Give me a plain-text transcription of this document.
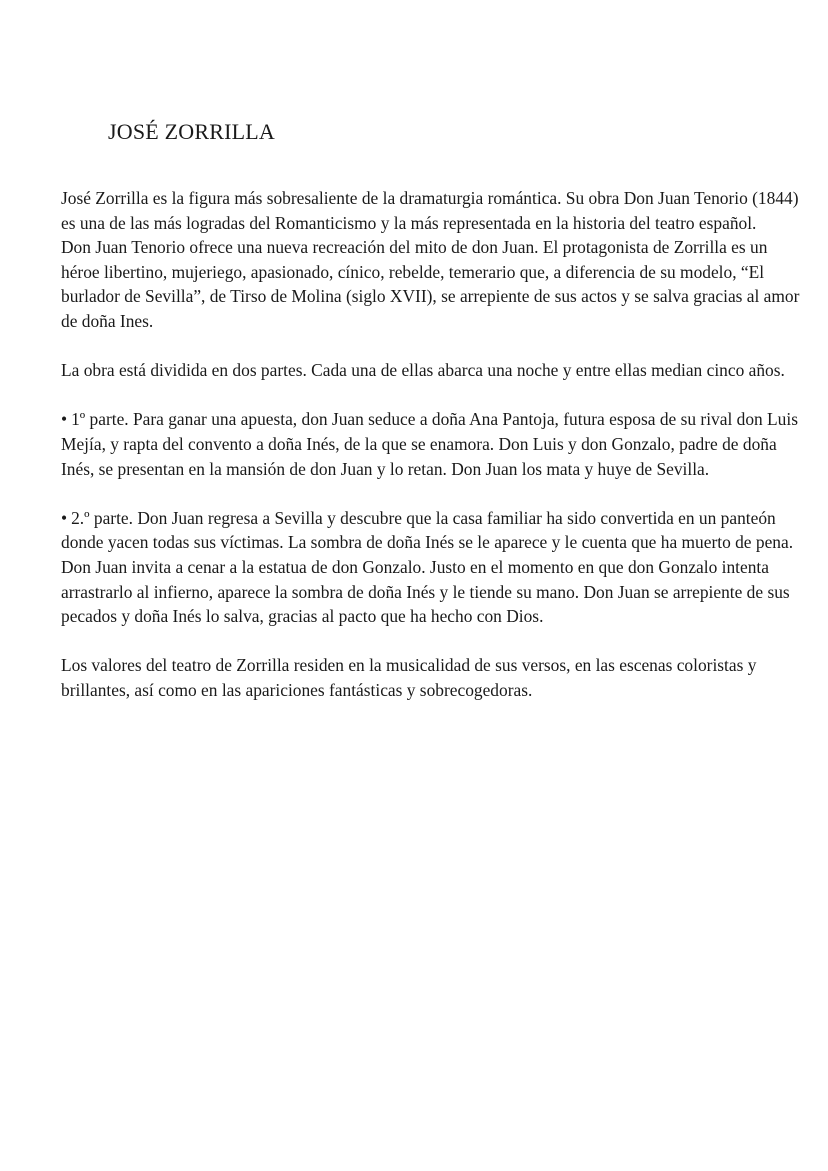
JOSÉ ZORRILLA

José Zorrilla es la figura más sobresaliente de la dramaturgia romántica. Su obra Don Juan Tenorio (1844) es una de las más logradas del Romanticismo y la más representada en la historia del teatro español.

Don Juan Tenorio ofrece una nueva recreación del mito de don Juan. El protagonista de Zorrilla es un héroe libertino, mujeriego, apasionado, cínico, rebelde, temerario que, a diferencia de su modelo, “El burlador de Sevilla”, de Tirso de Molina (siglo XVII), se arrepiente de sus actos y se salva gracias al amor de doña Ines.

La obra está dividida en dos partes. Cada una de ellas abarca una noche y entre ellas median cinco años.

• 1º parte. Para ganar una apuesta, don Juan seduce a doña Ana Pantoja, futura esposa de su rival don Luis Mejía, y rapta del convento a doña Inés, de la que se enamora. Don Luis y don Gonzalo, padre de doña Inés, se presentan en la mansión de don Juan y lo retan. Don Juan los mata y huye de Sevilla.

• 2.º parte. Don Juan regresa a Sevilla y descubre que la casa familiar ha sido convertida en un panteón donde yacen todas sus víctimas. La sombra de doña Inés se le aparece y le cuenta que ha muerto de pena. Don Juan invita a cenar a la estatua de don Gonzalo. Justo en el momento en que don Gonzalo intenta arrastrarlo al infierno, aparece la sombra de doña Inés y le tiende su mano. Don Juan se arrepiente de sus pecados y doña Inés lo salva, gracias al pacto que ha hecho con Dios.

Los valores del teatro de Zorrilla residen en la musicalidad de sus versos, en las escenas coloristas y brillantes, así como en las apariciones fantásticas y sobrecogedoras.
